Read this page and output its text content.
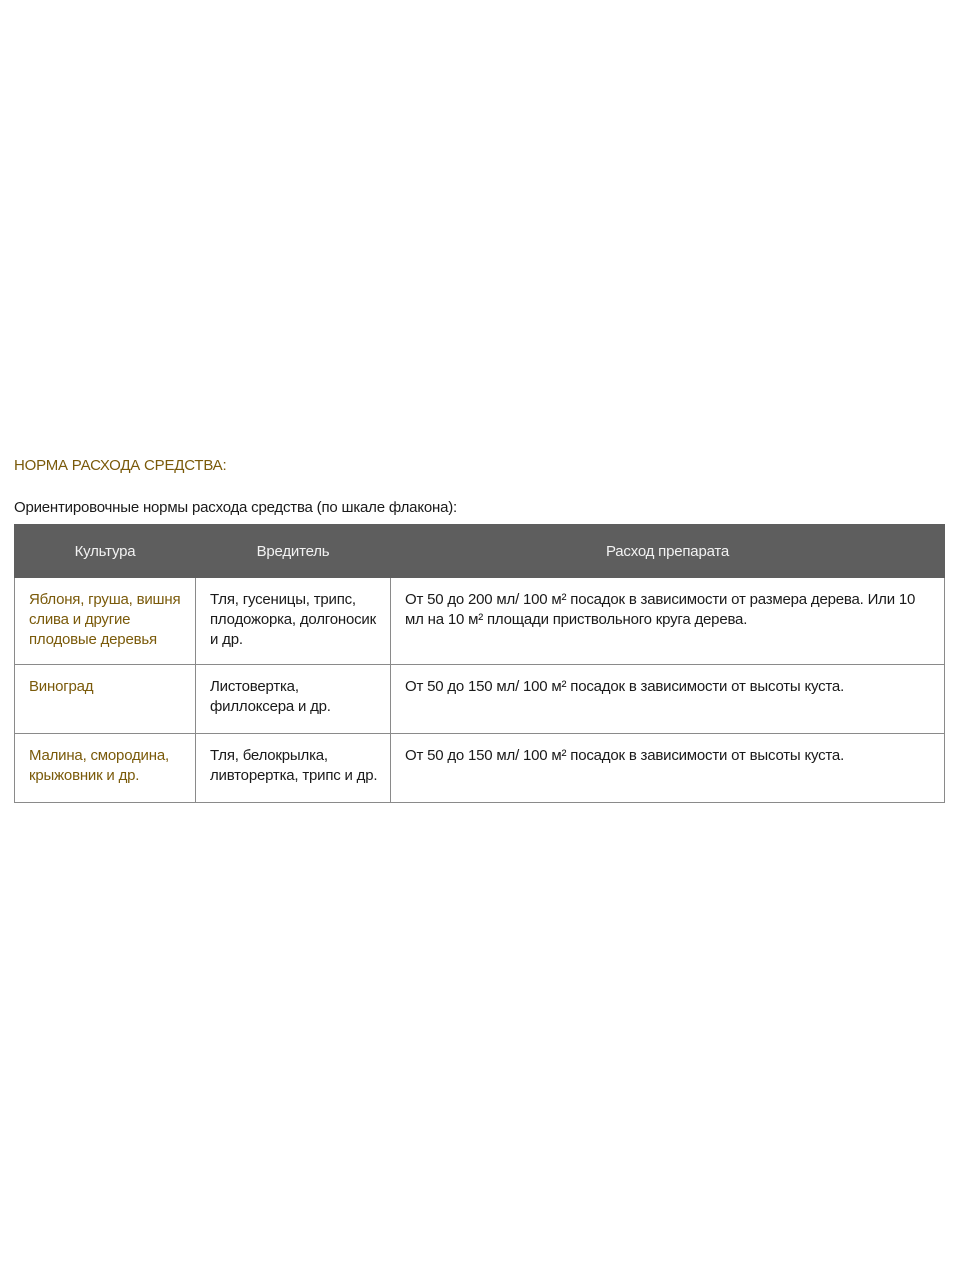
НОРМА РАСХОДА СРЕДСТВА:
Ориентировочные нормы расхода средства (по шкале флакона):
Культура	Вредитель	Расход препарата
Яблоня, груша, вишня слива и другие плодовые деревья	Тля, гусеницы, трипс, плодожорка, долгоносик и др.	От 50 до 200 мл/ 100 м² посадок в зависимости от размера дерева. Или 10 мл на 10 м² площади приствольного круга дерева.
Виноград	Листовертка, филлоксера и др.	От 50 до 150 мл/ 100 м² посадок в зависимости от высоты куста.
Малина, смородина, крыжовник и др.	Тля, белокрылка, ливторертка, трипс и др.	От 50 до 150 мл/ 100 м² посадок в зависимости от высоты куста.
